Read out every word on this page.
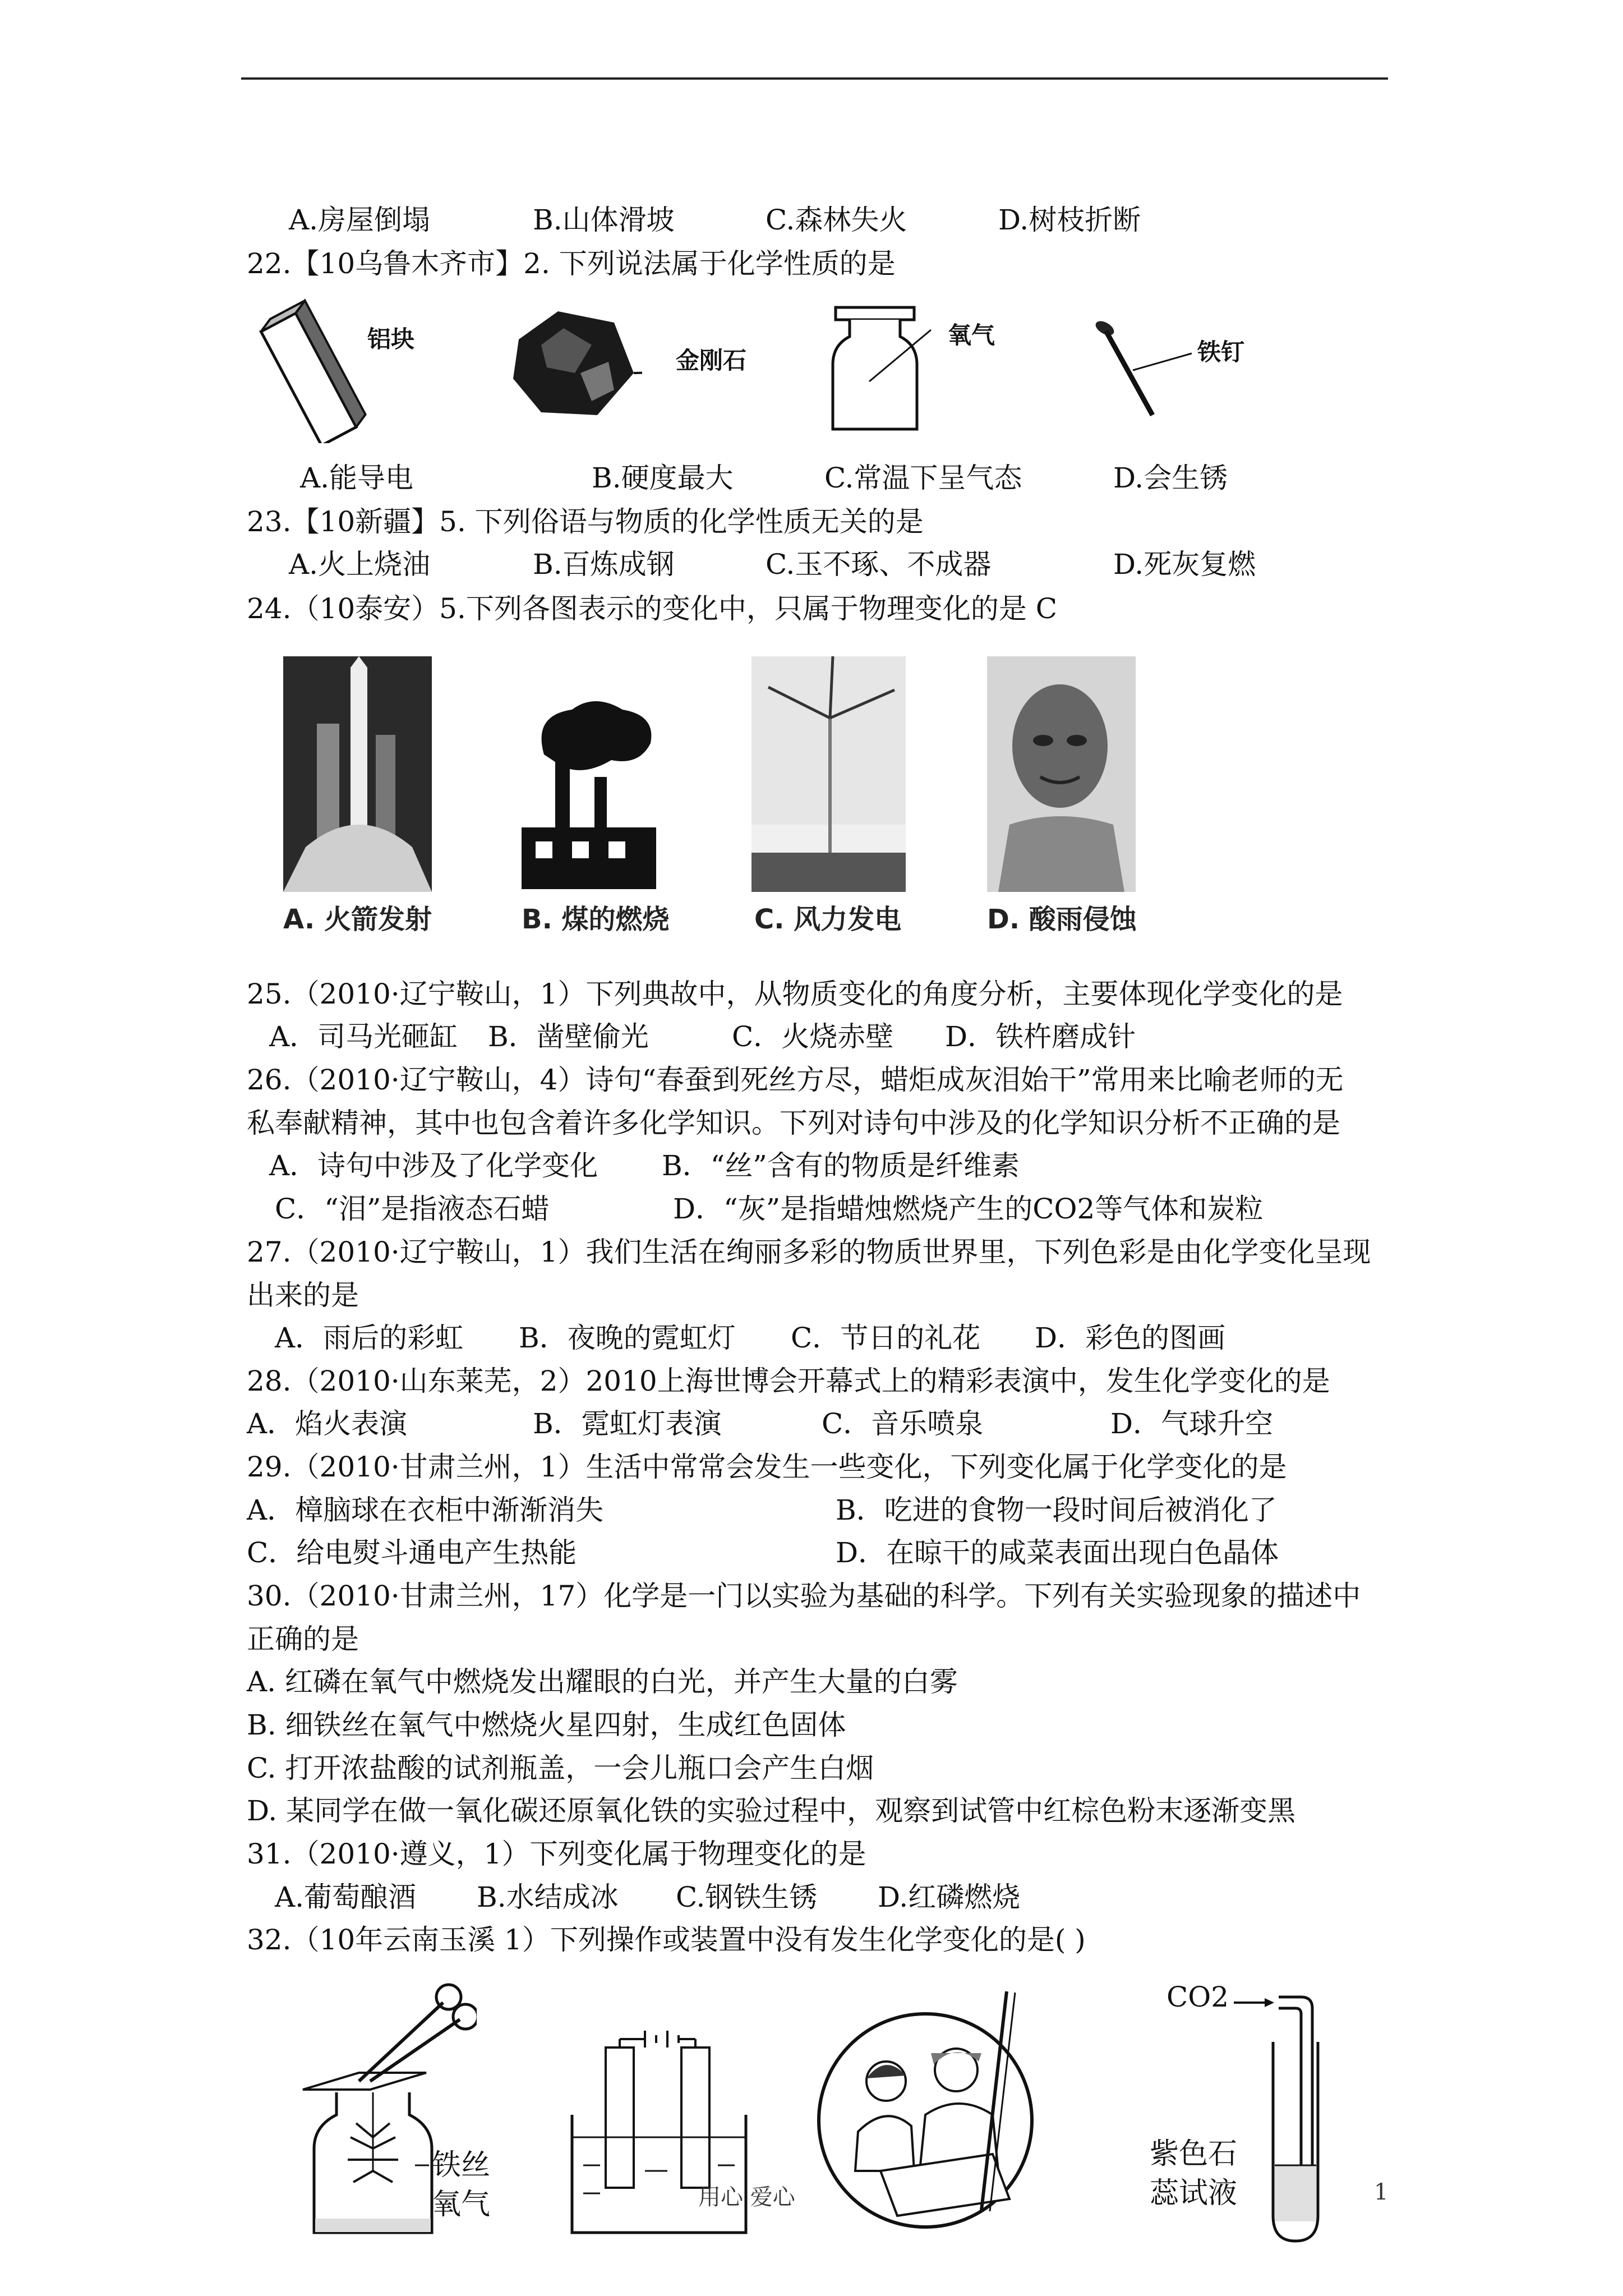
A.房屋倒塌	B.山体滑坡	C.森林失火	D.树枝折断
22.【10乌鲁木齐市】2. 下列说法属于化学性质的是
铝块
金刚石
氧气
铁钉
A.能导电	B.硬度最大	C.常温下呈气态	D.会生锈
23.【10新疆】5. 下列俗语与物质的化学性质无关的是
A.火上烧油	B.百炼成钢	C.玉不琢、不成器	D.死灰复燃
24.（10泰安）5.下列各图表示的变化中，只属于物理变化的是 C
A. 火箭发射	B. 煤的燃烧	C. 风力发电	D. 酸雨侵蚀
25.（2010·辽宁鞍山，1）下列典故中，从物质变化的角度分析，主要体现化学变化的是
A．司马光砸缸 B．凿壁偷光	C．火烧赤壁 D．铁杵磨成针
26.（2010·辽宁鞍山，4）诗句“春蚕到死丝方尽，蜡炬成灰泪始干”常用来比喻老师的无
私奉献精神，其中也包含着许多化学知识。下列对诗句中涉及的化学知识分析不正确的是
A．诗句中涉及了化学变化 B．“丝”含有的物质是纤维素
C．“泪”是指液态石蜡	D．“灰”是指蜡烛燃烧产生的CO2等气体和炭粒
27.（2010·辽宁鞍山，1）我们生活在绚丽多彩的物质世界里，下列色彩是由化学变化呈现
出来的是
A．雨后的彩虹 B．夜晚的霓虹灯 C．节日的礼花 D．彩色的图画
28.（2010·山东莱芜，2）2010上海世博会开幕式上的精彩表演中，发生化学变化的是
A．焰火表演	B．霓虹灯表演	C．音乐喷泉	D．气球升空
29.（2010·甘肃兰州，1）生活中常常会发生一些变化，下列变化属于化学变化的是
A．樟脑球在衣柜中渐渐消失	B．吃进的食物一段时间后被消化了
C．给电熨斗通电产生热能	D．在晾干的咸菜表面出现白色晶体
30.（2010·甘肃兰州，17）化学是一门以实验为基础的科学。下列有关实验现象的描述中
正确的是
A. 红磷在氧气中燃烧发出耀眼的白光，并产生大量的白雾
B. 细铁丝在氧气中燃烧火星四射，生成红色固体
C. 打开浓盐酸的试剂瓶盖，一会儿瓶口会产生白烟
D. 某同学在做一氧化碳还原氧化铁的实验过程中，观察到试管中红棕色粉末逐渐变黑
31.（2010·遵义，1）下列变化属于物理变化的是
A.葡萄酿酒 B.水结成冰 C.钢铁生锈 D.红磷燃烧
32.（10年云南玉溪 1）下列操作或装置中没有发生化学变化的是( )
铁丝
氧气
CO2
紫色石
蕊试液
用心 爱心	1
